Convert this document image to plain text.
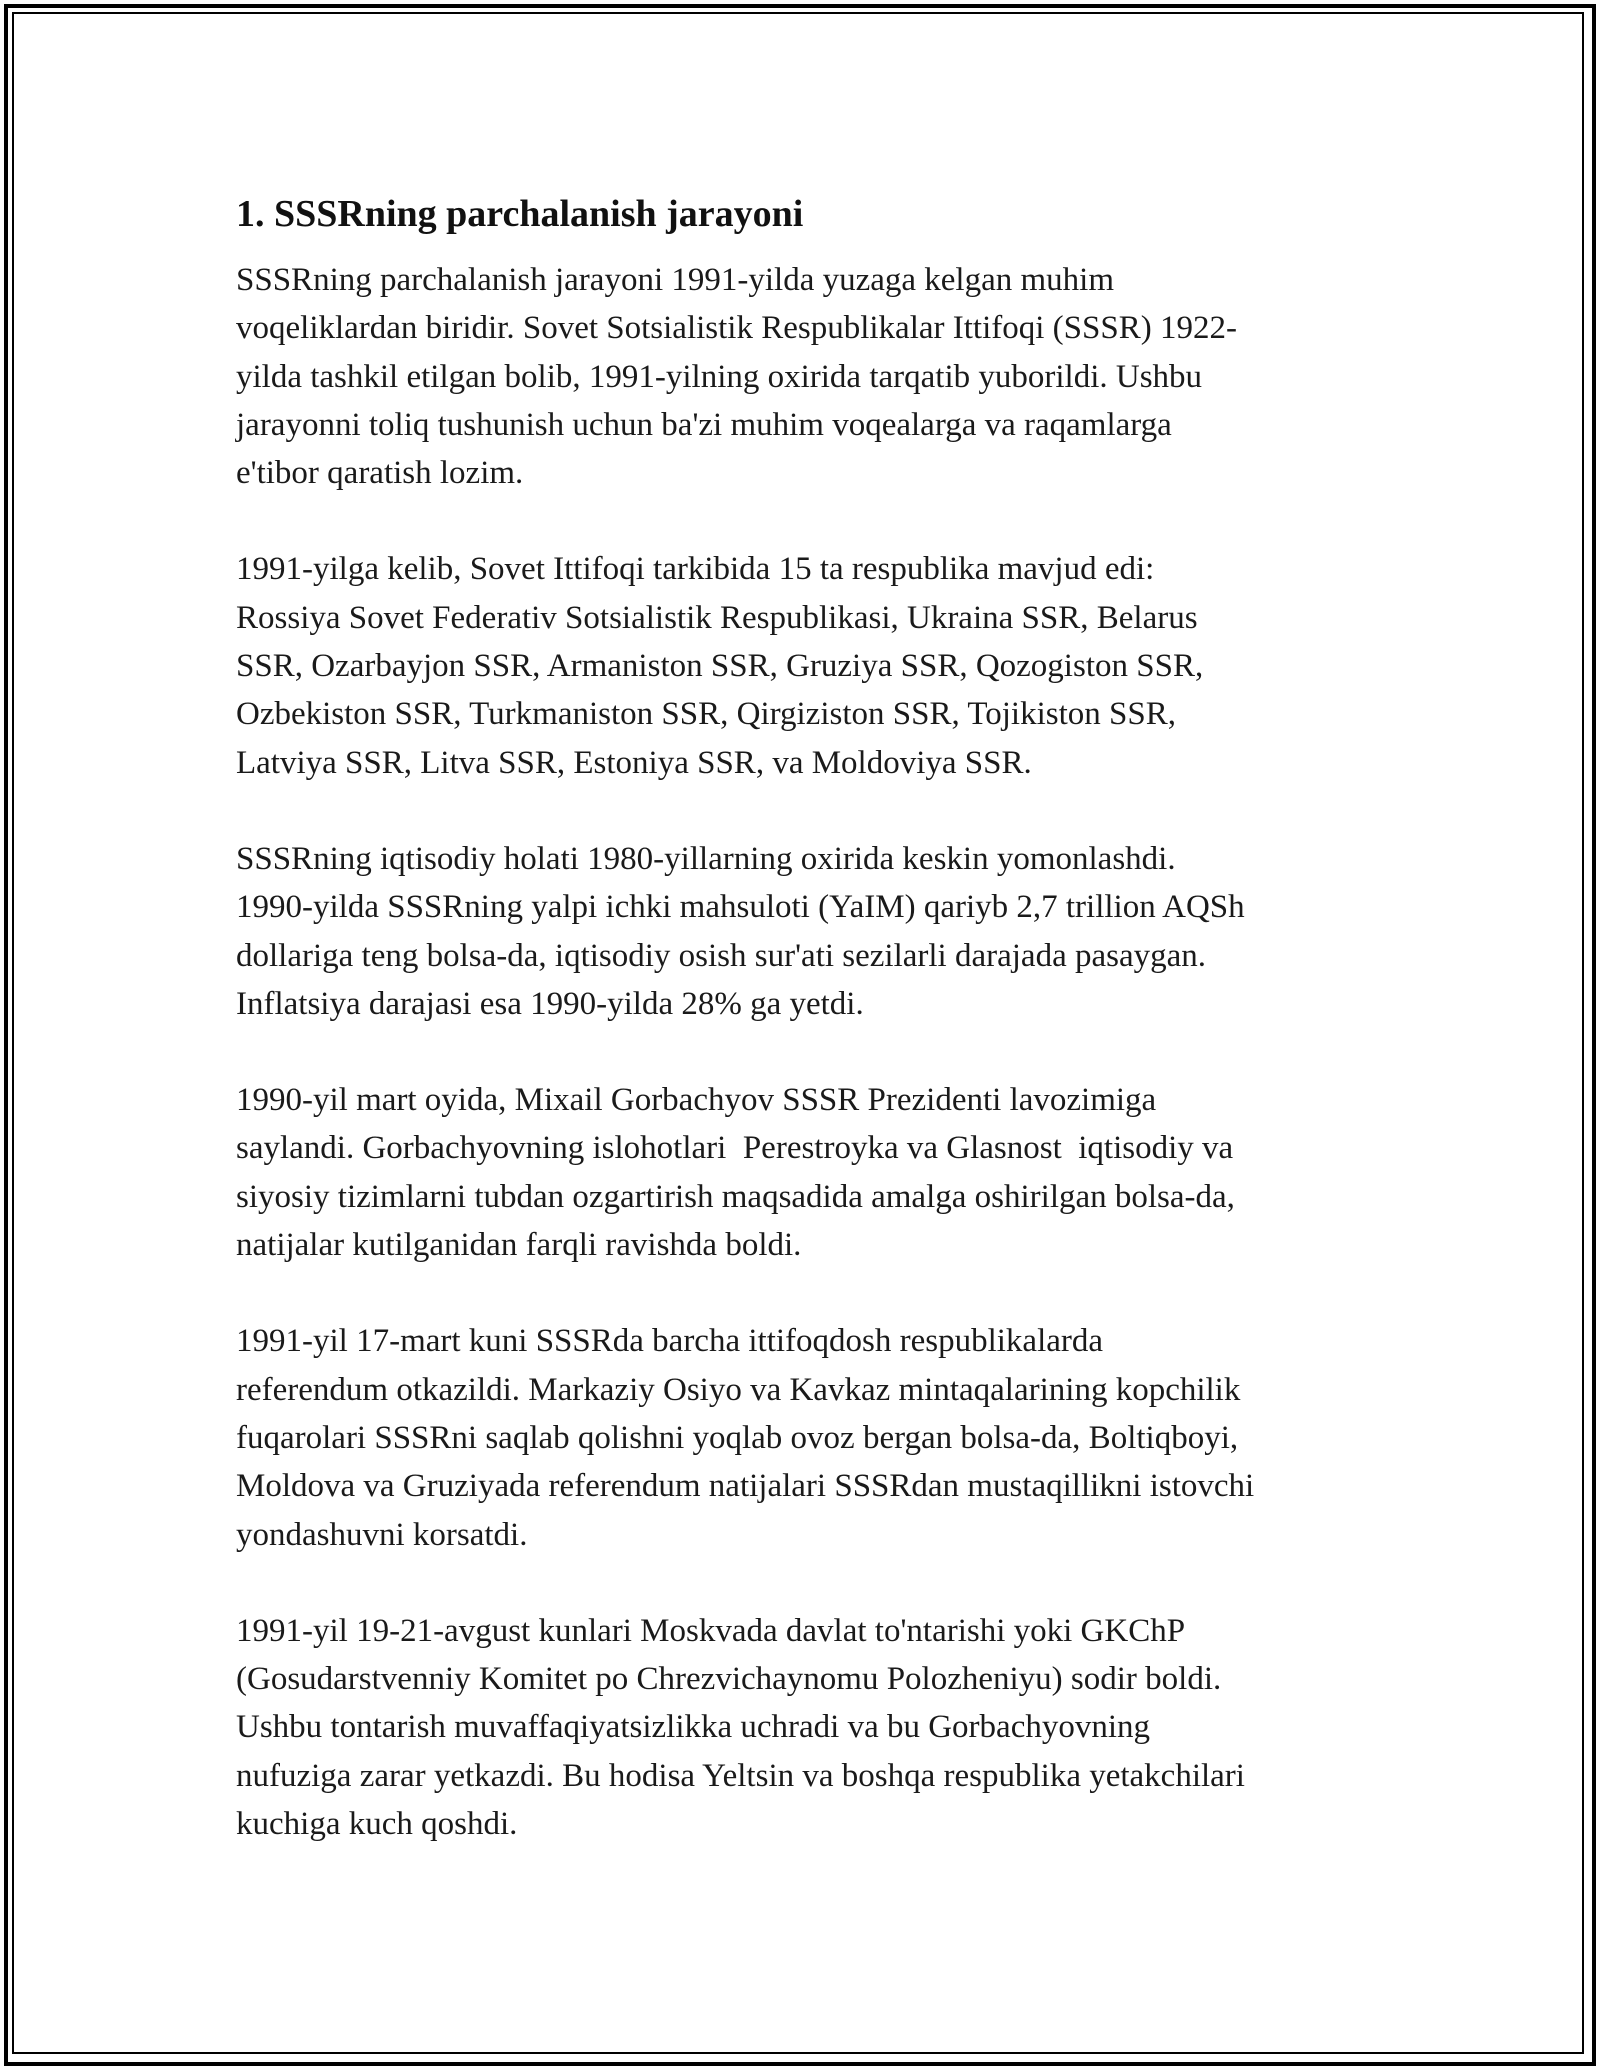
1. SSSRning parchalanish jarayoni

SSSRning parchalanish jarayoni 1991-yilda yuzaga kelgan muhim
voqeliklardan biridir. Sovet Sotsialistik Respublikalar Ittifoqi (SSSR) 1922-
yilda tashkil etilgan bolib, 1991-yilning oxirida tarqatib yuborildi. Ushbu
jarayonni toliq tushunish uchun ba'zi muhim voqealarga va raqamlarga
e'tibor qaratish lozim.

1991-yilga kelib, Sovet Ittifoqi tarkibida 15 ta respublika mavjud edi:
Rossiya Sovet Federativ Sotsialistik Respublikasi, Ukraina SSR, Belarus
SSR, Ozarbayjon SSR, Armaniston SSR, Gruziya SSR, Qozogiston SSR,
Ozbekiston SSR, Turkmaniston SSR, Qirgiziston SSR, Tojikiston SSR,
Latviya SSR, Litva SSR, Estoniya SSR, va Moldoviya SSR.

SSSRning iqtisodiy holati 1980-yillarning oxirida keskin yomonlashdi.
1990-yilda SSSRning yalpi ichki mahsuloti (YaIM) qariyb 2,7 trillion AQSh
dollariga teng bolsa-da, iqtisodiy osish sur'ati sezilarli darajada pasaygan.
Inflatsiya darajasi esa 1990-yilda 28% ga yetdi.

1990-yil mart oyida, Mixail Gorbachyov SSSR Prezidenti lavozimiga
saylandi. Gorbachyovning islohotlari  Perestroyka va Glasnost  iqtisodiy va
siyosiy tizimlarni tubdan ozgartirish maqsadida amalga oshirilgan bolsa-da,
natijalar kutilganidan farqli ravishda boldi.

1991-yil 17-mart kuni SSSRda barcha ittifoqdosh respublikalarda
referendum otkazildi. Markaziy Osiyo va Kavkaz mintaqalarining kopchilik
fuqarolari SSSRni saqlab qolishni yoqlab ovoz bergan bolsa-da, Boltiqboyi,
Moldova va Gruziyada referendum natijalari SSSRdan mustaqillikni istovchi
yondashuvni korsatdi.

1991-yil 19-21-avgust kunlari Moskvada davlat to'ntarishi yoki GKChP
(Gosudarstvenniy Komitet po Chrezvichaynomu Polozheniyu) sodir boldi.
Ushbu tontarish muvaffaqiyatsizlikka uchradi va bu Gorbachyovning
nufuziga zarar yetkazdi. Bu hodisa Yeltsin va boshqa respublika yetakchilari
kuchiga kuch qoshdi.
